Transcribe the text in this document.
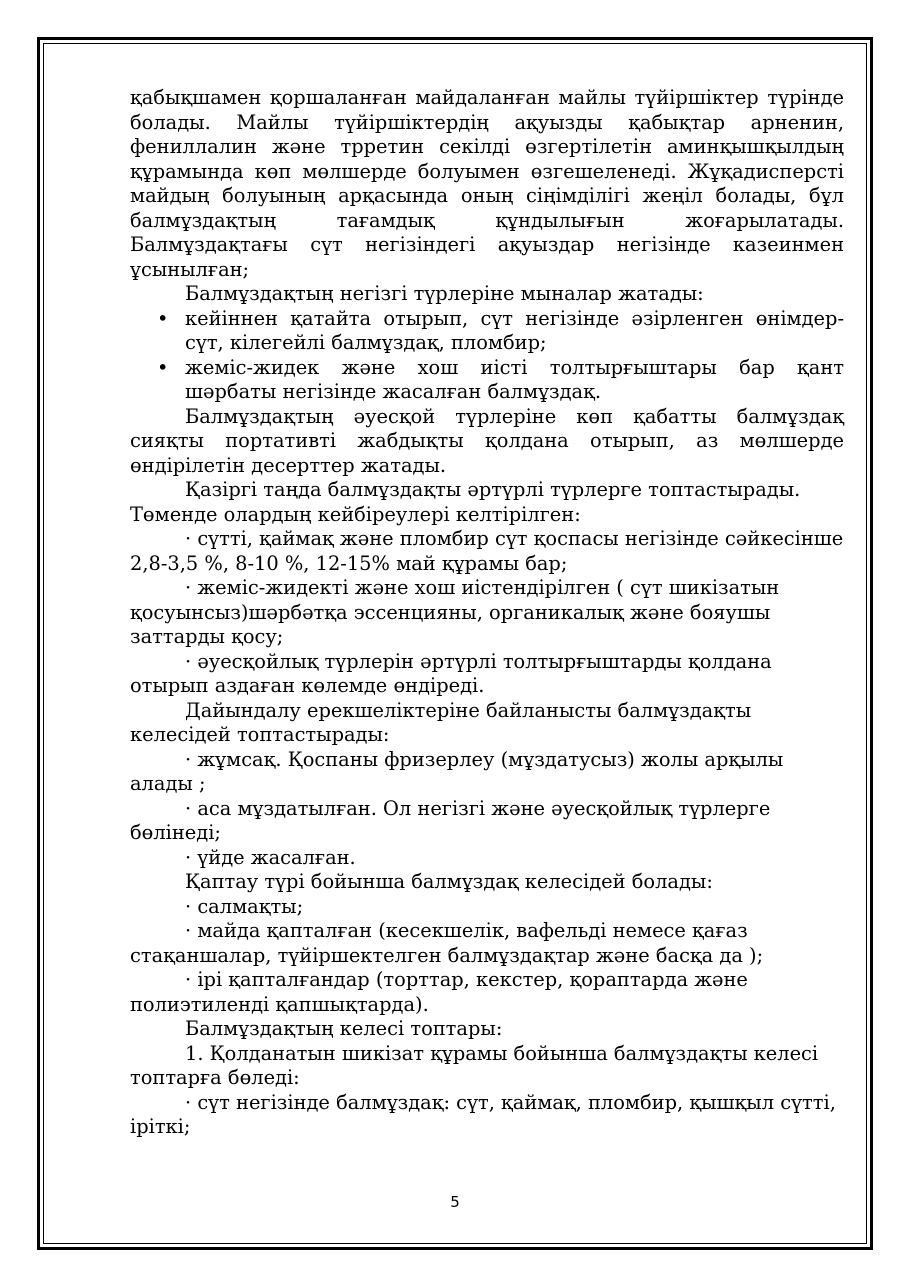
қабықшамен қоршаланған майдаланған майлы түйіршіктер түрінде болады. Майлы түйіршіктердің ақуызды қабықтар арненин, фениллалин және трретин секілді өзгертілетін аминқышқылдың құрамында көп мөлшерде болуымен өзгешеленеді. Жұқадисперсті майдың болуының арқасында оның сіңімділігі жеңіл болады, бұл балмұздақтың тағамдық құндылығын жоғарылатады. Балмұздақтағы сүт негізіндегі ақуыздар негізінде казеинмен ұсынылған;

Балмұздақтың негізгі түрлеріне мыналар жатады:

• кейіннен қатайта отырып, сүт негізінде әзірленген өнімдер-сүт, кілегейлі балмұздақ, пломбир;
• жеміс-жидек және хош иісті толтырғыштары бар қант шәрбаты негізінде жасалған балмұздақ.

Балмұздақтың әуесқой түрлеріне көп қабатты балмұздақ сияқты портативті жабдықты қолдана отырып, аз мөлшерде өндірілетін десерттер жатады.

Қазіргі таңда балмұздақты әртүрлі түрлерге топтастырады. Төменде олардың кейбіреулері келтірілген:

· сүтті, қаймақ және пломбир сүт қоспасы негізінде сәйкесінше 2,8-3,5 %, 8-10 %, 12-15% май құрамы бар;

· жеміс-жидекті және хош иістендірілген ( сүт шикізатын қосуынсыз)шәрбәтқа эссенцияны, органикалық және бояушы заттарды қосу;

· әуесқойлық түрлерін әртүрлі толтырғыштарды қолдана отырып аздаған көлемде өндіреді.

Дайындалу ерекшеліктеріне байланысты балмұздақты келесідей топтастырады:

· жұмсақ. Қоспаны фризерлеу (мұздатусыз) жолы арқылы алады ;

· аса мұздатылған. Ол негізгі және әуесқойлық түрлерге бөлінеді;

· үйде жасалған.

Қаптау түрі бойынша балмұздақ келесідей болады:

· салмақты;

· майда қапталған (кесекшелік, вафельді немесе қағаз стақаншалар, түйіршектелген балмұздақтар және басқа да );

· ірі қапталғандар (торттар, кекстер, қораптарда және полиэтиленді қапшықтарда).

Балмұздақтың келесі топтары:

1. Қолданатын шикізат құрамы бойынша балмұздақты келесі топтарға бөледі:

· сүт негізінде балмұздақ: сүт, қаймақ, пломбир, қышқыл сүтті, іріткі;

5
